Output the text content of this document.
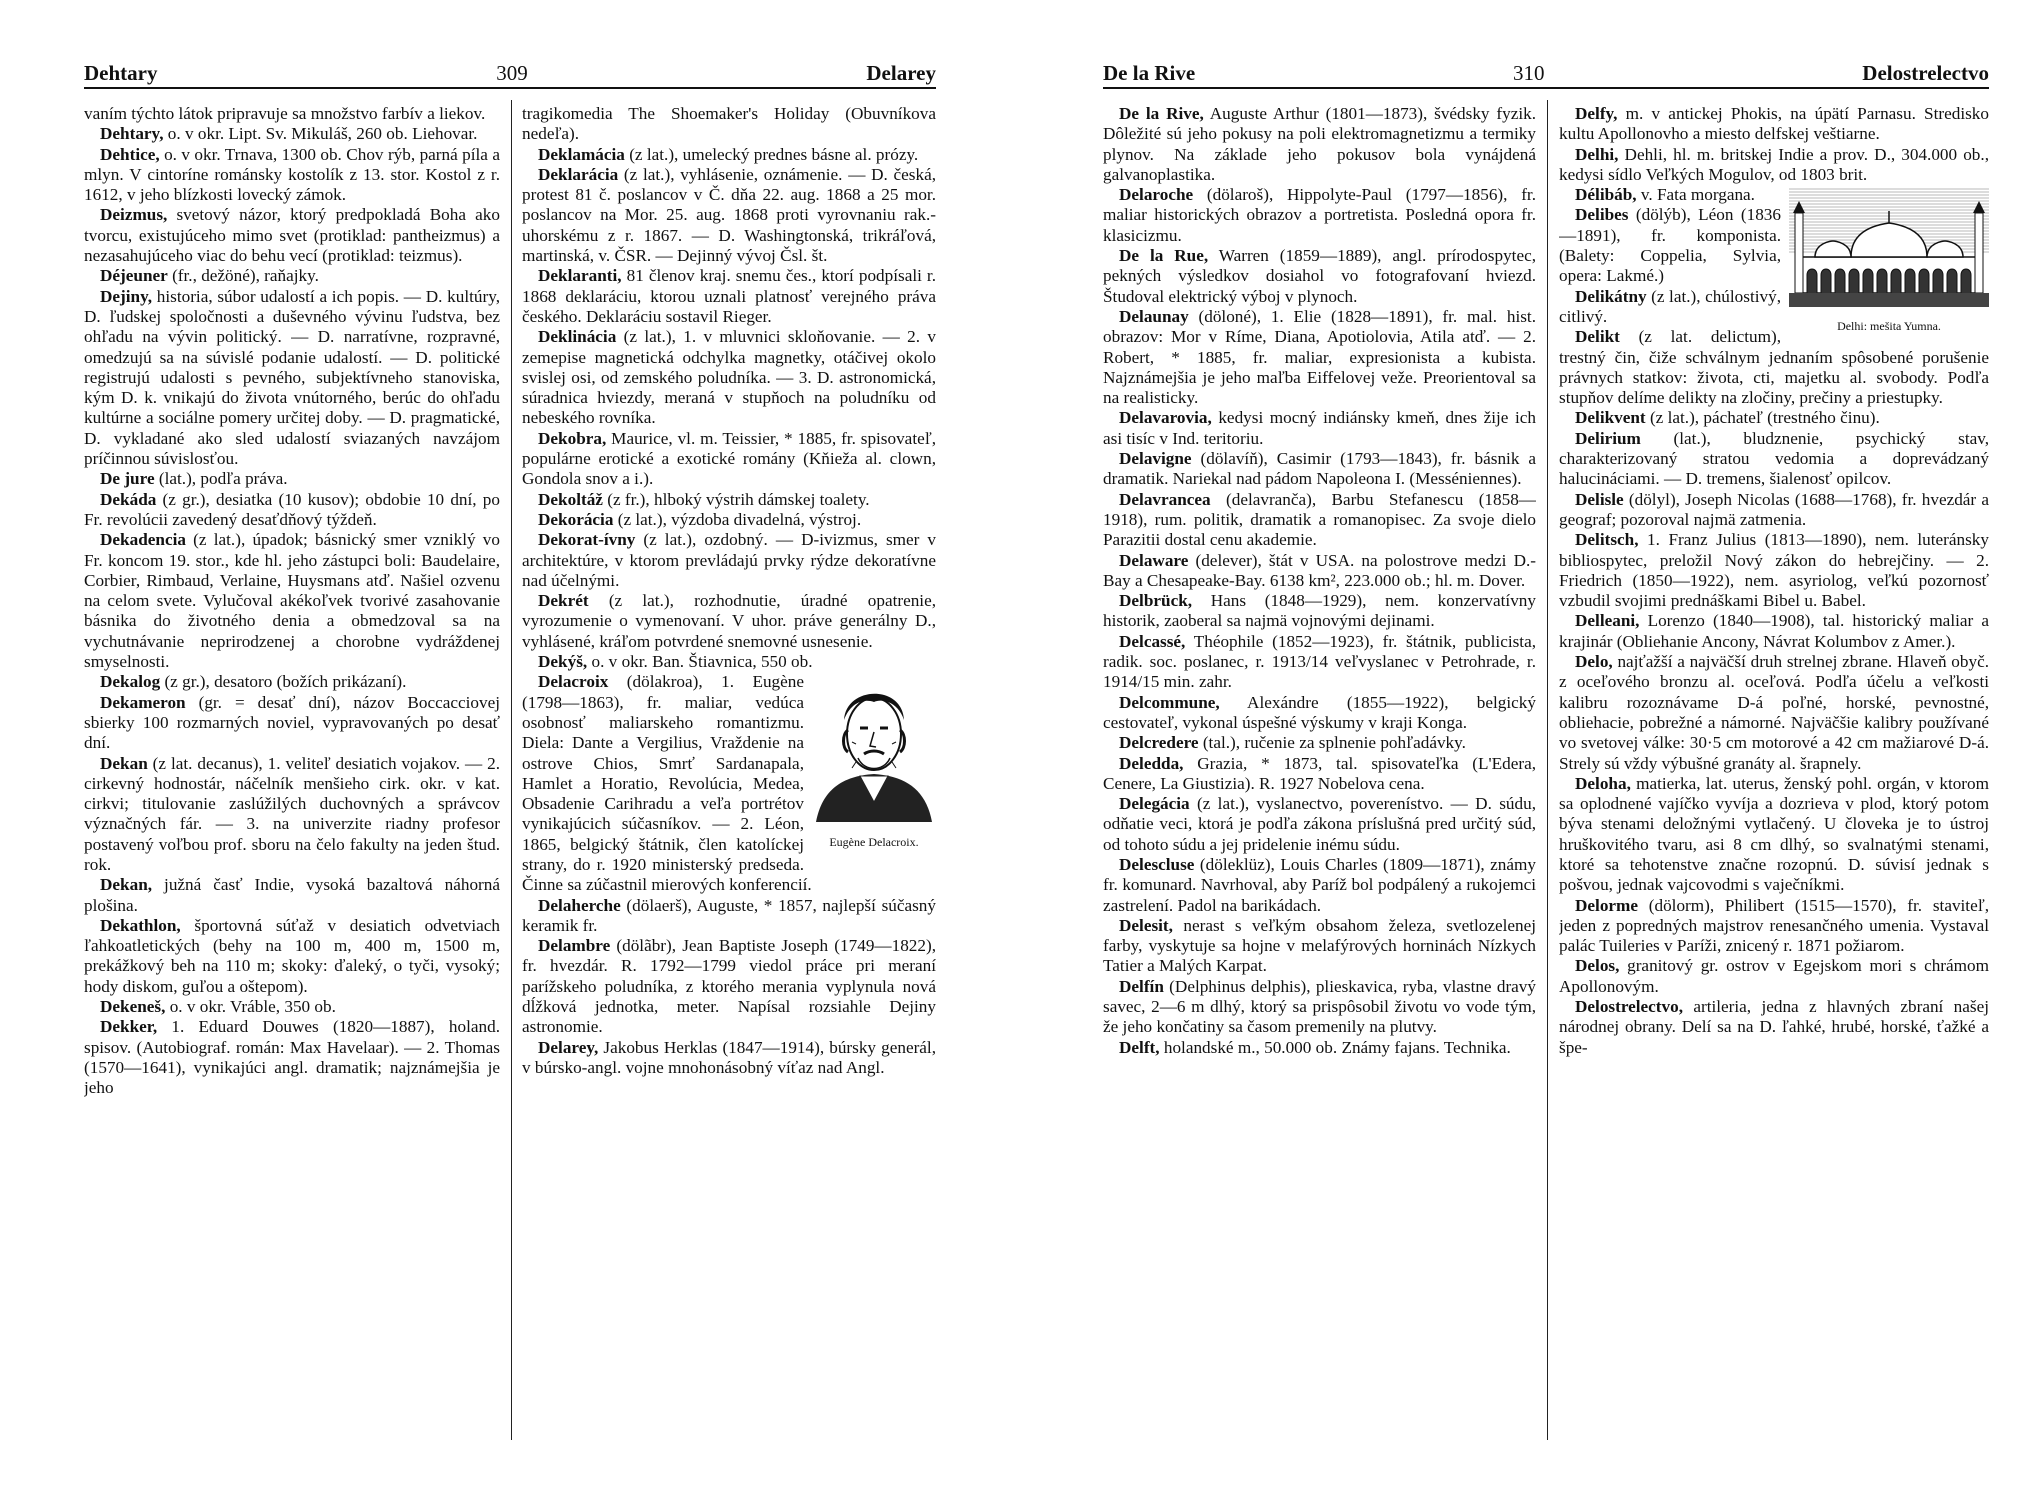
Dehtary	309	Delarey

vaním týchto látok pripravuje sa množstvo farbív a liekov.

Dehtary, o. v okr. Lipt. Sv. Mikuláš, 260 ob. Liehovar.

Dehtice, o. v okr. Trnava, 1300 ob. Chov rýb, parná píla a mlyn. V cintoríne románsky kostolík z 13. stor. Kostol z r. 1612, v jeho blízkosti lovecký zámok.

Deizmus, svetový názor, ktorý predpokladá Boha ako tvorcu, existujúceho mimo svet (protiklad: pantheizmus) a nezasahujúceho viac do behu vecí (protiklad: teizmus).

Déjeuner (fr., dežöné), raňajky.

Dejiny, historia, súbor udalostí a ich popis. — D. kultúry, D. ľudskej spoločnosti a duševného vývinu ľudstva, bez ohľadu na vývin politický. — D. narratívne, rozpravné, omedzujú sa na súvislé podanie udalostí. — D. politické registrujú udalosti s pevného, subjektívneho stanoviska, kým D. k. vnikajú do života vnútorného, berúc do ohľadu kultúrne a sociálne pomery určitej doby. — D. pragmatické, D. vykladané ako sled udalostí sviazaných navzájom príčinnou súvislosťou.

De jure (lat.), podľa práva.

Dekáda (z gr.), desiatka (10 kusov); obdobie 10 dní, po Fr. revolúcii zavedený desaťdňový týždeň.

Dekadencia (z lat.), úpadok; básnický smer vzniklý vo Fr. koncom 19. stor., kde hl. jeho zástupci boli: Baudelaire, Corbier, Rimbaud, Verlaine, Huysmans atď. Našiel ozvenu na celom svete. Vylučoval akékoľvek tvorivé zasahovanie básnika do životného denia a obmedzoval sa na vychutnávanie neprirodzenej a chorobne vydráždenej smyselnosti.

Dekalog (z gr.), desatoro (božích prikázaní).

Dekameron (gr. = desať dní), názov Boccacciovej sbierky 100 rozmarných noviel, vypravovaných po desať dní.

Dekan (z lat. decanus), 1. veliteľ desiatich vojakov. — 2. cirkevný hodnostár, náčelník menšieho cirk. okr. v kat. cirkvi; titulovanie zaslúžilých duchovných a správcov význačných fár. — 3. na univerzite riadny profesor postavený voľbou prof. sboru na čelo fakulty na jeden štud. rok.

Dekan, južná časť Indie, vysoká bazaltová náhorná plošina.

Dekathlon, športovná súťaž v desiatich odvetviach ľahkoatletických (behy na 100 m, 400 m, 1500 m, prekážkový beh na 110 m; skoky: ďaleký, o tyči, vysoký; hody diskom, guľou a oštepom).

Dekeneš, o. v okr. Vráble, 350 ob.

Dekker, 1. Eduard Douwes (1820—1887), holand. spisov. (Autobiograf. román: Max Havelaar). — 2. Thomas (1570—1641), vynikajúci angl. dramatik; najznámejšia je jeho

tragikomedia The Shoemaker's Holiday (Obuvníkova nedeľa).

Deklamácia (z lat.), umelecký prednes básne al. prózy.

Deklarácia (z lat.), vyhlásenie, oznámenie. — D. česká, protest 81 č. poslancov v Č. dňa 22. aug. 1868 a 25 mor. poslancov na Mor. 25. aug. 1868 proti vyrovnaniu rak.-uhorskému z r. 1867. — D. Washingtonská, trikráľová, martinská, v. ČSR. — Dejinný vývoj Čsl. št.

Deklaranti, 81 členov kraj. snemu čes., ktorí podpísali r. 1868 deklaráciu, ktorou uznali platnosť verejného práva českého. Deklaráciu sostavil Rieger.

Deklinácia (z lat.), 1. v mluvnici skloňovanie. — 2. v zemepise magnetická odchylka magnetky, otáčivej okolo svislej osi, od zemského poludníka. — 3. D. astronomická, súradnica hviezdy, meraná v stupňoch na poludníku od nebeského rovníka.

Dekobra, Maurice, vl. m. Teissier, * 1885, fr. spisovateľ, populárne erotické a exotické romány (Kňieža al. clown, Gondola snov a i.).

Dekoltáž (z fr.), hlboký výstrih dámskej toalety.

Dekorácia (z lat.), výzdoba divadelná, výstroj.

Dekorat-ívny (z lat.), ozdobný. — D-ivizmus, smer v architektúre, v ktorom prevládajú prvky rýdze dekoratívne nad účelnými.

Dekrét (z lat.), rozhodnutie, úradné opatrenie, vyrozumenie o vymenovaní. V uhor. práve generálny D., vyhlásené, kráľom potvrdené snemovné usnesenie.

Dekýš, o. v okr. Ban. Štiavnica, 550 ob.

Eugène Delacroix.

Delacroix (dölakroa), 1. Eugène (1798—1863), fr. maliar, vedúca osobnosť maliarskeho romantizmu. Diela: Dante a Vergilius, Vraždenie na ostrove Chios, Smrť Sardanapala, Hamlet a Horatio, Revolúcia, Medea, Obsadenie Carihradu a veľa portrétov vynikajúcich súčasníkov. — 2. Léon, 1865, belgický štátnik, člen katolíckej strany, do r. 1920 ministerský predseda. Činne sa zúčastnil mierových konferencií.

Delaherche (dölaerš), Auguste, * 1857, najlepší súčasný keramik fr.

Delambre (dölãbr), Jean Baptiste Joseph (1749—1822), fr. hvezdár. R. 1792—1799 viedol práce pri meraní parížskeho poludníka, z ktorého merania vyplynula nová dĺžková jednotka, meter. Napísal rozsiahle Dejiny astronomie.

Delarey, Jakobus Herklas (1847—1914), búrsky generál, v búrsko-angl. vojne mnohonásobný víťaz nad Angl.

De la Rive	310	Delostrelectvo

De la Rive, Auguste Arthur (1801—1873), švédsky fyzik. Dôležité sú jeho pokusy na poli elektromagnetizmu a termiky plynov. Na základe jeho pokusov bola vynájdená galvanoplastika.

Delaroche (dölaroš), Hippolyte-Paul (1797—1856), fr. maliar historických obrazov a portretista. Posledná opora fr. klasicizmu.

De la Rue, Warren (1859—1889), angl. prírodospytec, pekných výsledkov dosiahol vo fotografovaní hviezd. Študoval elektrický výboj v plynoch.

Delaunay (döloné), 1. Elie (1828—1891), fr. mal. hist. obrazov: Mor v Ríme, Diana, Apotiolovia, Atila atď. — 2. Robert, * 1885, fr. maliar, expresionista a kubista. Najznámejšia je jeho maľba Eiffelovej veže. Preorientoval sa na realisticky.

Delavarovia, kedysi mocný indiánsky kmeň, dnes žije ich asi tisíc v Ind. teritoriu.

Delavigne (dölavíň), Casimir (1793—1843), fr. básnik a dramatik. Nariekal nad pádom Napoleona I. (Messéniennes).

Delavrancea (delavranča), Barbu Stefanescu (1858—1918), rum. politik, dramatik a romanopisec. Za svoje dielo Parazitii dostal cenu akademie.

Delaware (delever), štát v USA. na polostrove medzi D.-Bay a Chesapeake-Bay. 6138 km², 223.000 ob.; hl. m. Dover.

Delbrück, Hans (1848—1929), nem. konzervatívny historik, zaoberal sa najmä vojnovými dejinami.

Delcassé, Théophile (1852—1923), fr. štátnik, publicista, radik. soc. poslanec, r. 1913/14 veľvyslanec v Petrohrade, r. 1914/15 min. zahr.

Delcommune, Alexándre (1855—1922), belgický cestovateľ, vykonal úspešné výskumy v kraji Konga.

Delcredere (tal.), ručenie za splnenie pohľadávky.

Deledda, Grazia, * 1873, tal. spisovateľka (L'Edera, Cenere, La Giustizia). R. 1927 Nobelova cena.

Delegácia (z lat.), vyslanectvo, poverenístvo. — D. súdu, odňatie veci, ktorá je podľa zákona príslušná pred určitý súd, od tohoto súdu a jej pridelenie inému súdu.

Delescluse (döleklüz), Louis Charles (1809—1871), známy fr. komunard. Navrhoval, aby Paríž bol podpálený a rukojemci zastrelení. Padol na barikádach.

Delesit, nerast s veľkým obsahom železa, svetlozelenej farby, vyskytuje sa hojne v melafýrových horninách Nízkych Tatier a Malých Karpat.

Delfín (Delphinus delphis), plieskavica, ryba, vlastne dravý savec, 2—6 m dlhý, ktorý sa prispôsobil životu vo vode tým, že jeho končatiny sa časom premenily na plutvy.

Delft, holandské m., 50.000 ob. Známy fajans. Technika.

Delfy, m. v antickej Phokis, na úpätí Parnasu. Stredisko kultu Apollonovho a miesto delfskej veštiarne.

Delhi, Dehli, hl. m. britskej Indie a prov. D., 304.000 ob., kedysi sídlo Veľkých Mogulov, od 1803 brit.

Delhi: mešita Yumna.

Délibáb, v. Fata morgana.

Delibes (dölýb), Léon (1836—1891), fr. komponista. (Balety: Coppelia, Sylvia, opera: Lakmé.)

Delikátny (z lat.), chúlostivý, citlivý.

Delikt (z lat. delictum), trestný čin, čiže schválnym jednaním spôsobené porušenie právnych statkov: života, cti, majetku al. svobody. Podľa stupňov delíme delikty na zločiny, prečiny a priestupky.

Delikvent (z lat.), páchateľ (trestného činu).

Delirium (lat.), bludznenie, psychický stav, charakterizovaný stratou vedomia a doprevádzaný halucináciami. — D. tremens, šialenosť opilcov.

Delisle (dölyl), Joseph Nicolas (1688—1768), fr. hvezdár a geograf; pozoroval najmä zatmenia.

Delitsch, 1. Franz Julius (1813—1890), nem. luteránsky bibliospytec, preložil Nový zákon do hebrejčiny. — 2. Friedrich (1850—1922), nem. asyriolog, veľkú pozornosť vzbudil svojimi prednáškami Bibel u. Babel.

Delleani, Lorenzo (1840—1908), tal. historický maliar a krajinár (Obliehanie Ancony, Návrat Kolumbov z Amer.).

Delo, najťažší a najväčší druh strelnej zbrane. Hlaveň obyč. z oceľového bronzu al. oceľová. Podľa účelu a veľkosti kalibru rozoznávame D-á poľné, horské, pevnostné, obliehacie, pobrežné a námorné. Najväčšie kalibry používané vo svetovej válke: 30·5 cm motorové a 42 cm mažiarové D-á. Strely sú vždy výbušné granáty al. šrapnely.

Deloha, matierka, lat. uterus, ženský pohl. orgán, v ktorom sa oplodnené vajíčko vyvíja a dozrieva v plod, ktorý potom býva stenami deložnými vytlačený. U človeka je to ústroj hruškovitého tvaru, asi 8 cm dlhý, so svalnatými stenami, ktoré sa tehotenstve značne rozopnú. D. súvisí jednak s pošvou, jednak vajcovodmi s vaječníkmi.

Delorme (dölorm), Philibert (1515—1570), fr. staviteľ, jeden z popredných majstrov renesančného umenia. Vystaval palác Tuileries v Paríži, znicený r. 1871 požiarom.

Delos, granitový gr. ostrov v Egejskom mori s chrámom Apollonovým.

Delostrelectvo, artileria, jedna z hlavných zbraní našej národnej obrany. Delí sa na D. ľahké, hrubé, horské, ťažké a špe-
